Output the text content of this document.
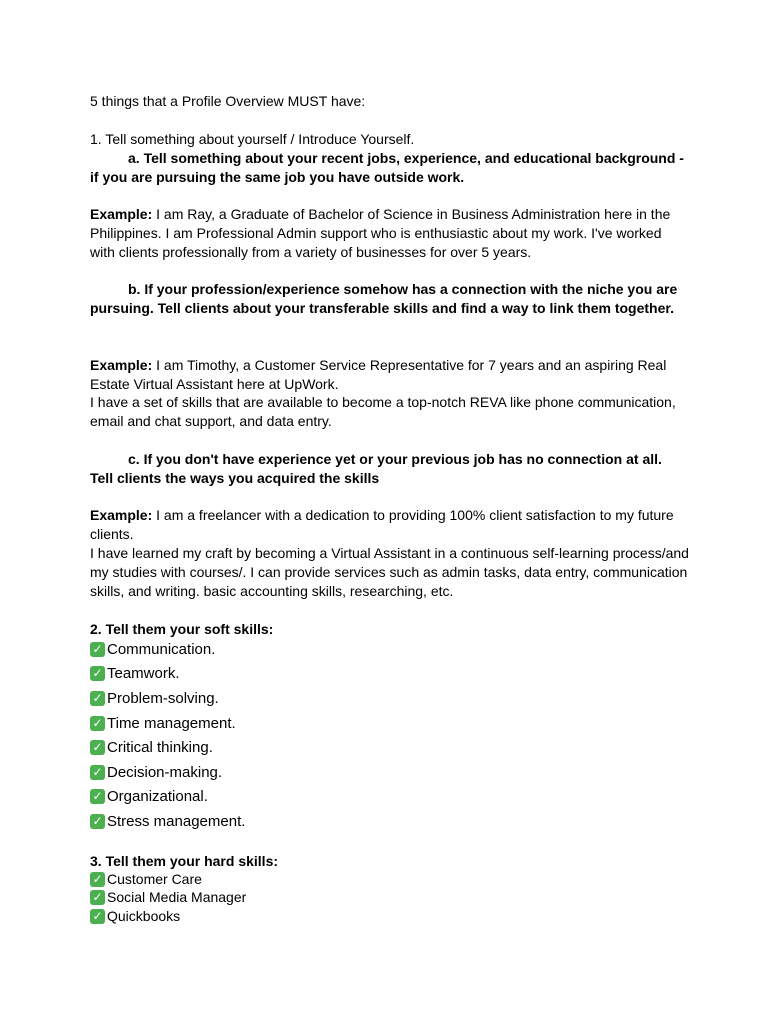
5 things that a Profile Overview MUST have:

1. Tell something about yourself / Introduce Yourself.

a. Tell something about your recent jobs, experience, and educational background - if you are pursuing the same job you have outside work.

Example: I am Ray, a Graduate of Bachelor of Science in Business Administration here in the Philippines. I am Professional Admin support who is enthusiastic about my work. I've worked with clients professionally from a variety of businesses for over 5 years.

b. If your profession/experience somehow has a connection with the niche you are pursuing. Tell clients about your transferable skills and find a way to link them together.

Example: I am Timothy, a Customer Service Representative for 7 years and an aspiring Real Estate Virtual Assistant here at UpWork.

I have a set of skills that are available to become a top-notch REVA like phone communication, email and chat support, and data entry.

c. If you don't have experience yet or your previous job has no connection at all.

Tell clients the ways you acquired the skills

Example: I am a freelancer with a dedication to providing 100% client satisfaction to my future clients.

I have learned my craft by becoming a Virtual Assistant in a continuous self-learning process/and my studies with courses/. I can provide services such as admin tasks, data entry, communication skills, and writing. basic accounting skills, researching, etc.

2. Tell them your soft skills:

✓ Communication.
✓ Teamwork.
✓ Problem-solving.
✓ Time management.
✓ Critical thinking.
✓ Decision-making.
✓ Organizational.
✓ Stress management.

3. Tell them your hard skills:

✓ Customer Care
✓ Social Media Manager
✓ Quickbooks
